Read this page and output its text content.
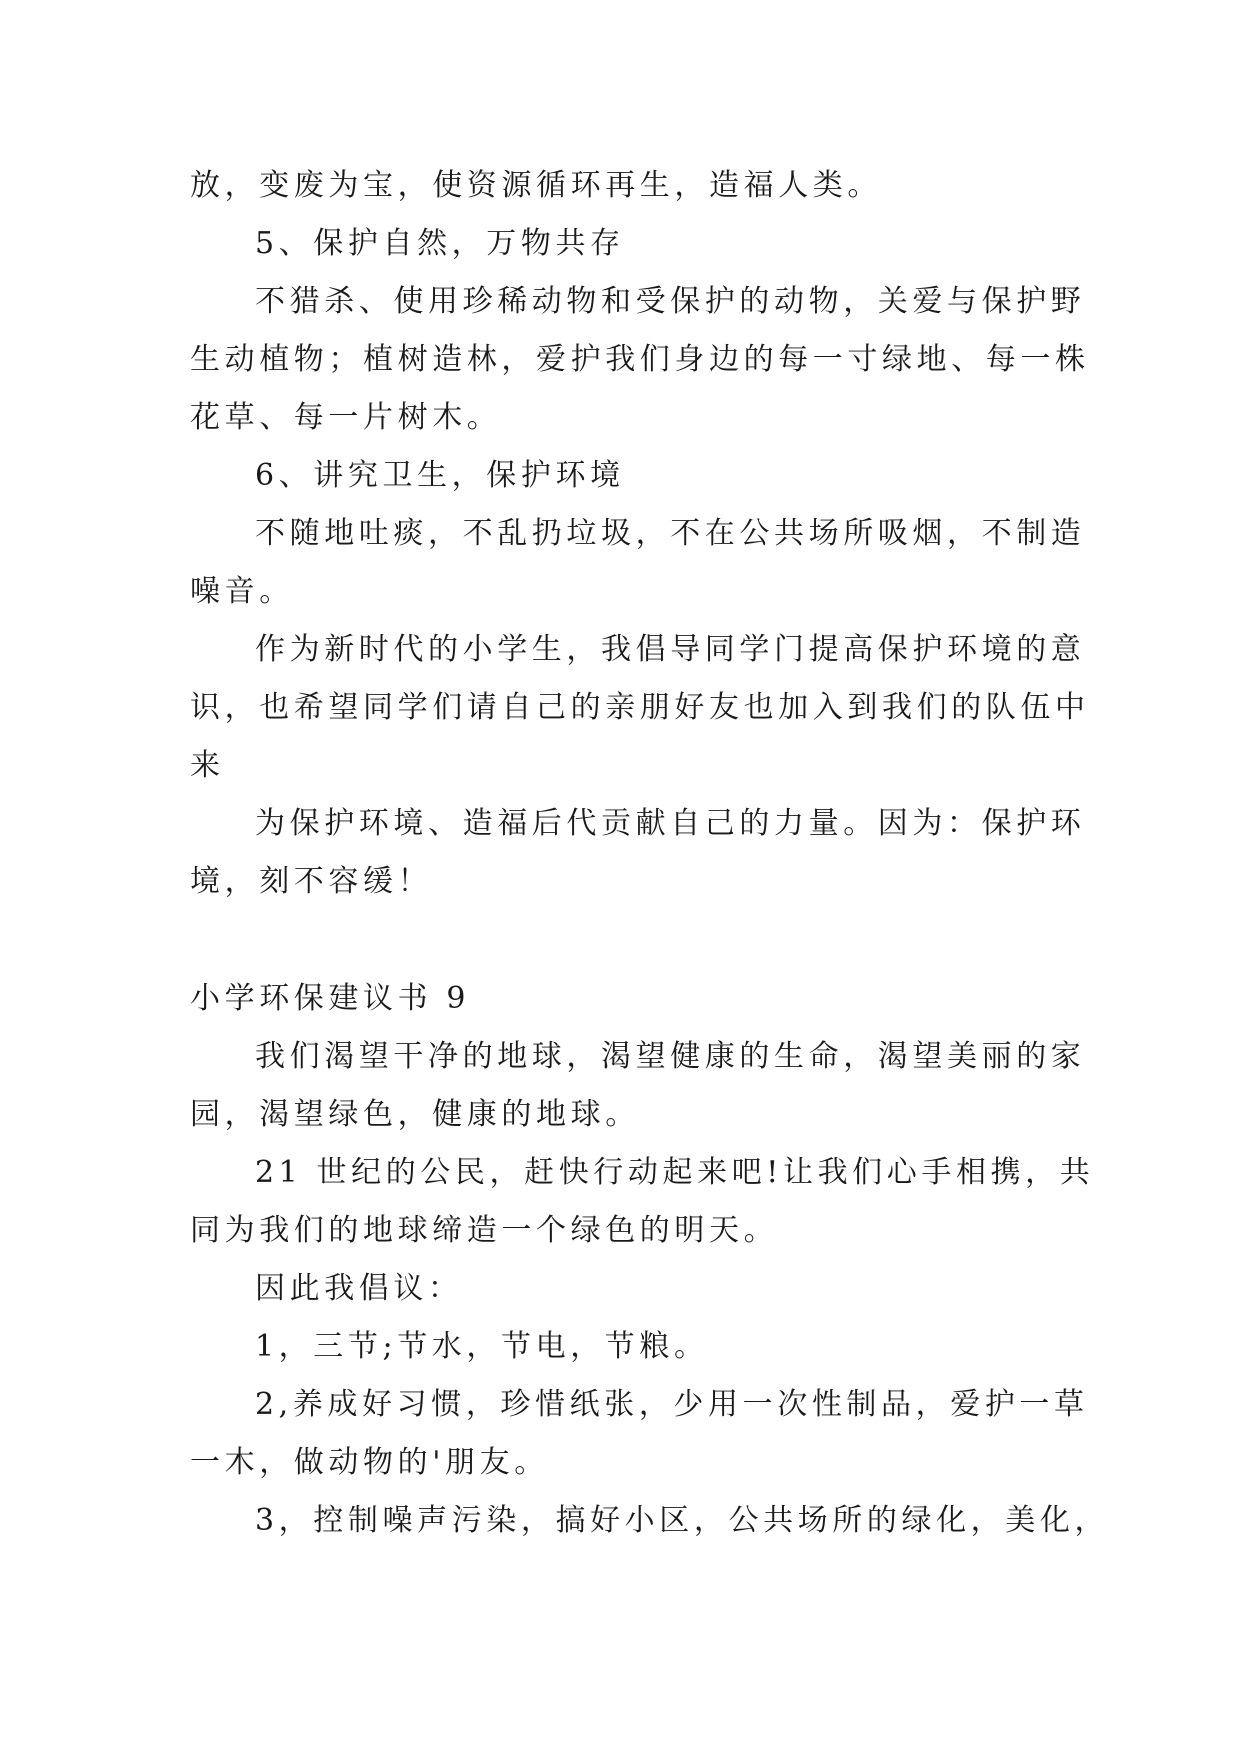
放，变废为宝，使资源循环再生，造福人类。
5、保护自然，万物共存
不猎杀、使用珍稀动物和受保护的动物，关爱与保护野
生动植物；植树造林，爱护我们身边的每一寸绿地、每一株
花草、每一片树木。
6、讲究卫生，保护环境
不随地吐痰，不乱扔垃圾，不在公共场所吸烟，不制造
噪音。
作为新时代的小学生，我倡导同学门提高保护环境的意
识，也希望同学们请自己的亲朋好友也加入到我们的队伍中
来
为保护环境、造福后代贡献自己的力量。因为：保护环
境，刻不容缓！
小学环保建议书 9
我们渴望干净的地球，渴望健康的生命，渴望美丽的家
园，渴望绿色，健康的地球。
21 世纪的公民，赶快行动起来吧!让我们心手相携，共
同为我们的地球缔造一个绿色的明天。
因此我倡议：
1，三节;节水，节电，节粮。
2,养成好习惯，珍惜纸张，少用一次性制品，爱护一草
一木，做动物的'朋友。
3，控制噪声污染，搞好小区，公共场所的绿化，美化，
